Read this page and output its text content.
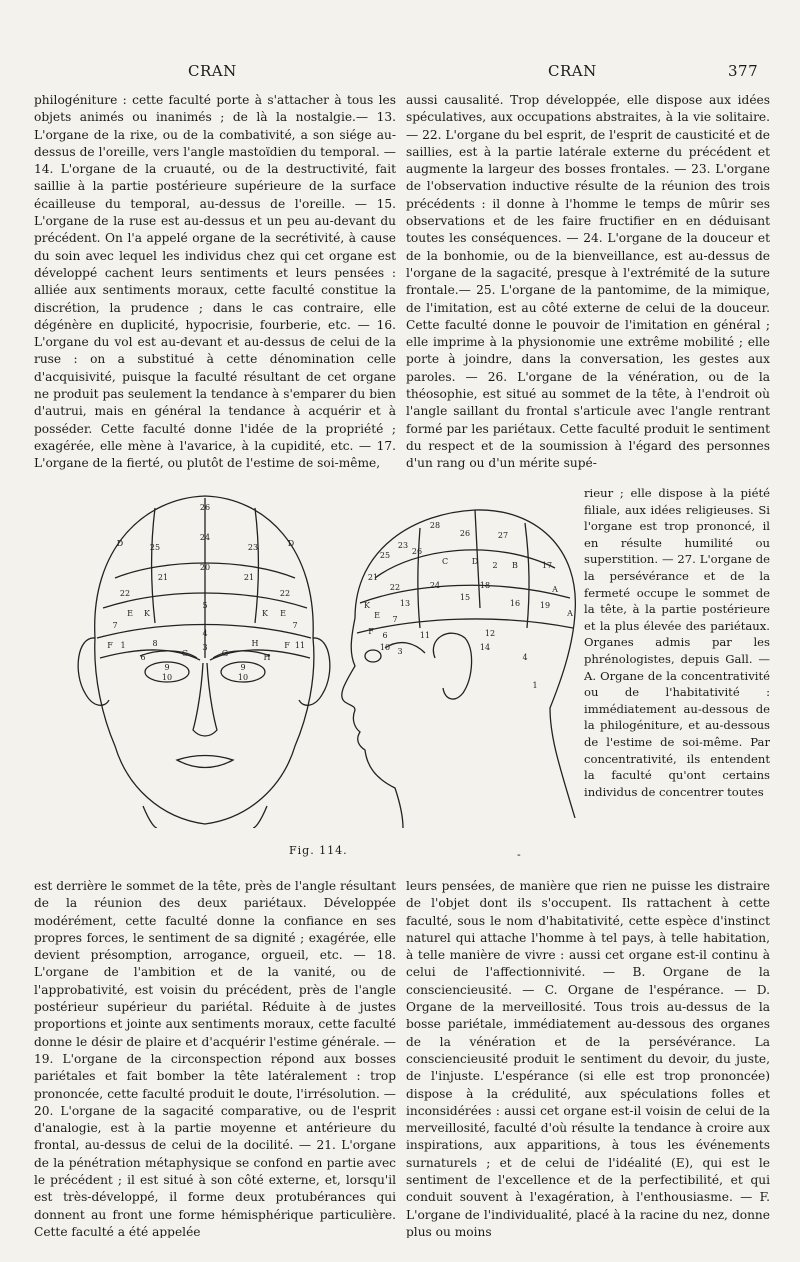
CRAN	CRAN	377

philogéniture : cette faculté porte à s'attacher à tous les objets animés ou inanimés ; de là la nostalgie.— 13. L'organe de la rixe, ou de la combativité, a son siége au-dessus de l'oreille, vers l'angle mastoïdien du temporal. — 14. L'organe de la cruauté, ou de la destructivité, fait saillie à la partie postérieure supérieure de la surface écailleuse du temporal, au-dessus de l'oreille. — 15. L'organe de la ruse est au-dessus et un peu au-devant du précédent. On l'a appelé organe de la secrétivité, à cause du soin avec lequel les individus chez qui cet organe est développé cachent leurs sentiments et leurs pensées : alliée aux sentiments moraux, cette faculté constitue la discrétion, la prudence ; dans le cas contraire, elle dégénère en duplicité, hypocrisie, fourberie, etc. — 16. L'organe du vol est au-devant et au-dessus de celui de la ruse : on a substitué à cette dénomination celle d'acquisivité, puisque la faculté résultant de cet organe ne produit pas seulement la tendance à s'emparer du bien d'autrui, mais en général la tendance à acquérir et à posséder. Cette faculté donne l'idée de la propriété ; exagérée, elle mène à l'avarice, à la cupidité, etc. — 17. L'organe de la fierté, ou plutôt de l'estime de soi-même,

aussi causalité. Trop développée, elle dispose aux idées spéculatives, aux occupations abstraites, à la vie solitaire. — 22. L'organe du bel esprit, de l'esprit de causticité et de saillies, est à la partie latérale externe du précédent et augmente la largeur des bosses frontales. — 23. L'organe de l'observation inductive résulte de la réunion des trois précédents : il donne à l'homme le temps de mûrir ses observations et de les faire fructifier en en déduisant toutes les conséquences. — 24. L'organe de la douceur et de la bonhomie, ou de la bienveillance, est au-dessus de l'organe de la sagacité, presque à l'extrémité de la suture frontale.— 25. L'organe de la pantomime, de la mimique, de l'imitation, est au côté externe de celui de la douceur. Cette faculté donne le pouvoir de l'imitation en général ; elle imprime à la physionomie une extrême mobilité ; elle porte à joindre, dans la conversation, les gestes aux paroles. — 26. L'organe de la vénération, ou de la théosophie, est situé au sommet de la tête, à l'endroit où l'angle saillant du frontal s'articule avec l'angle rentrant formé par les pariétaux. Cette faculté produit le sentiment du respect et de la soumission à l'égard des personnes d'un rang ou d'un mérite supé-

rieur ; elle dispose à la piété filiale, aux idées religieuses. Si l'organe est trop prononcé, il en résulte humilité ou superstition. — 27. L'organe de la persévérance et de la fermeté occupe le sommet de la tête, à la partie postérieure et la plus élevée des pariétaux. Organes admis par les phrénologistes, depuis Gall. — A. Organe de la concentrativité ou de l'habitativité : immédiatement au-dessous de la philogéniture, et au-dessous de l'estime de soi-même. Par concentrativité, ils entendent la faculté qu'ont certains individus de concentrer toutes

26
24
D	25	23	D
20
21	21
22	22
E
5
E
K
4
K
7	7
F	11
1	F
8	H
3
G	G
6	H
9
10
9
10
28
26	27
23
25	26
C	D 2 B	17
21
22	24	18	A
15
16 19
13
K
E 7
A
F 6	11	12
14
10 3
4
1
Fig. 114.	-

est derrière le sommet de la tête, près de l'angle résultant de la réunion des deux pariétaux. Développée modérément, cette faculté donne la confiance en ses propres forces, le sentiment de sa dignité ; exagérée, elle devient présomption, arrogance, orgueil, etc. — 18. L'organe de l'ambition et de la vanité, ou de l'approbativité, est voisin du précédent, près de l'angle postérieur supérieur du pariétal. Réduite à de justes proportions et jointe aux sentiments moraux, cette faculté donne le désir de plaire et d'acquérir l'estime générale. — 19. L'organe de la circonspection répond aux bosses pariétales et fait bomber la tête latéralement : trop prononcée, cette faculté produit le doute, l'irrésolution. — 20. L'organe de la sagacité comparative, ou de l'esprit d'analogie, est à la partie moyenne et antérieure du frontal, au-dessus de celui de la docilité. — 21. L'organe de la pénétration métaphysique se confond en partie avec le précédent ; il est situé à son côté externe, et, lorsqu'il est très-développé, il forme deux protubérances qui donnent au front une forme hémisphérique particulière. Cette faculté a été appelée

leurs pensées, de manière que rien ne puisse les distraire de l'objet dont ils s'occupent. Ils rattachent à cette faculté, sous le nom d'habitativité, cette espèce d'instinct naturel qui attache l'homme à tel pays, à telle habitation, à telle manière de vivre : aussi cet organe est-il continu à celui de l'affectionnivité. — B. Organe de la consciencieusité. — C. Organe de l'espérance. — D. Organe de la merveillosité. Tous trois au-dessus de la bosse pariétale, immédiatement au-dessous des organes de la vénération et de la persévérance. La consciencieusité produit le sentiment du devoir, du juste, de l'injuste. L'espérance (si elle est trop prononcée) dispose à la crédulité, aux spéculations folles et inconsidérées : aussi cet organe est-il voisin de celui de la merveillosité, faculté d'où résulte la tendance à croire aux inspirations, aux apparitions, à tous les événements surnaturels ; et de celui de l'idéalité (E), qui est le sentiment de l'excellence et de la perfectibilité, et qui conduit souvent à l'exagération, à l'enthousiasme. — F. L'organe de l'individualité, placé à la racine du nez, donne plus ou moins
